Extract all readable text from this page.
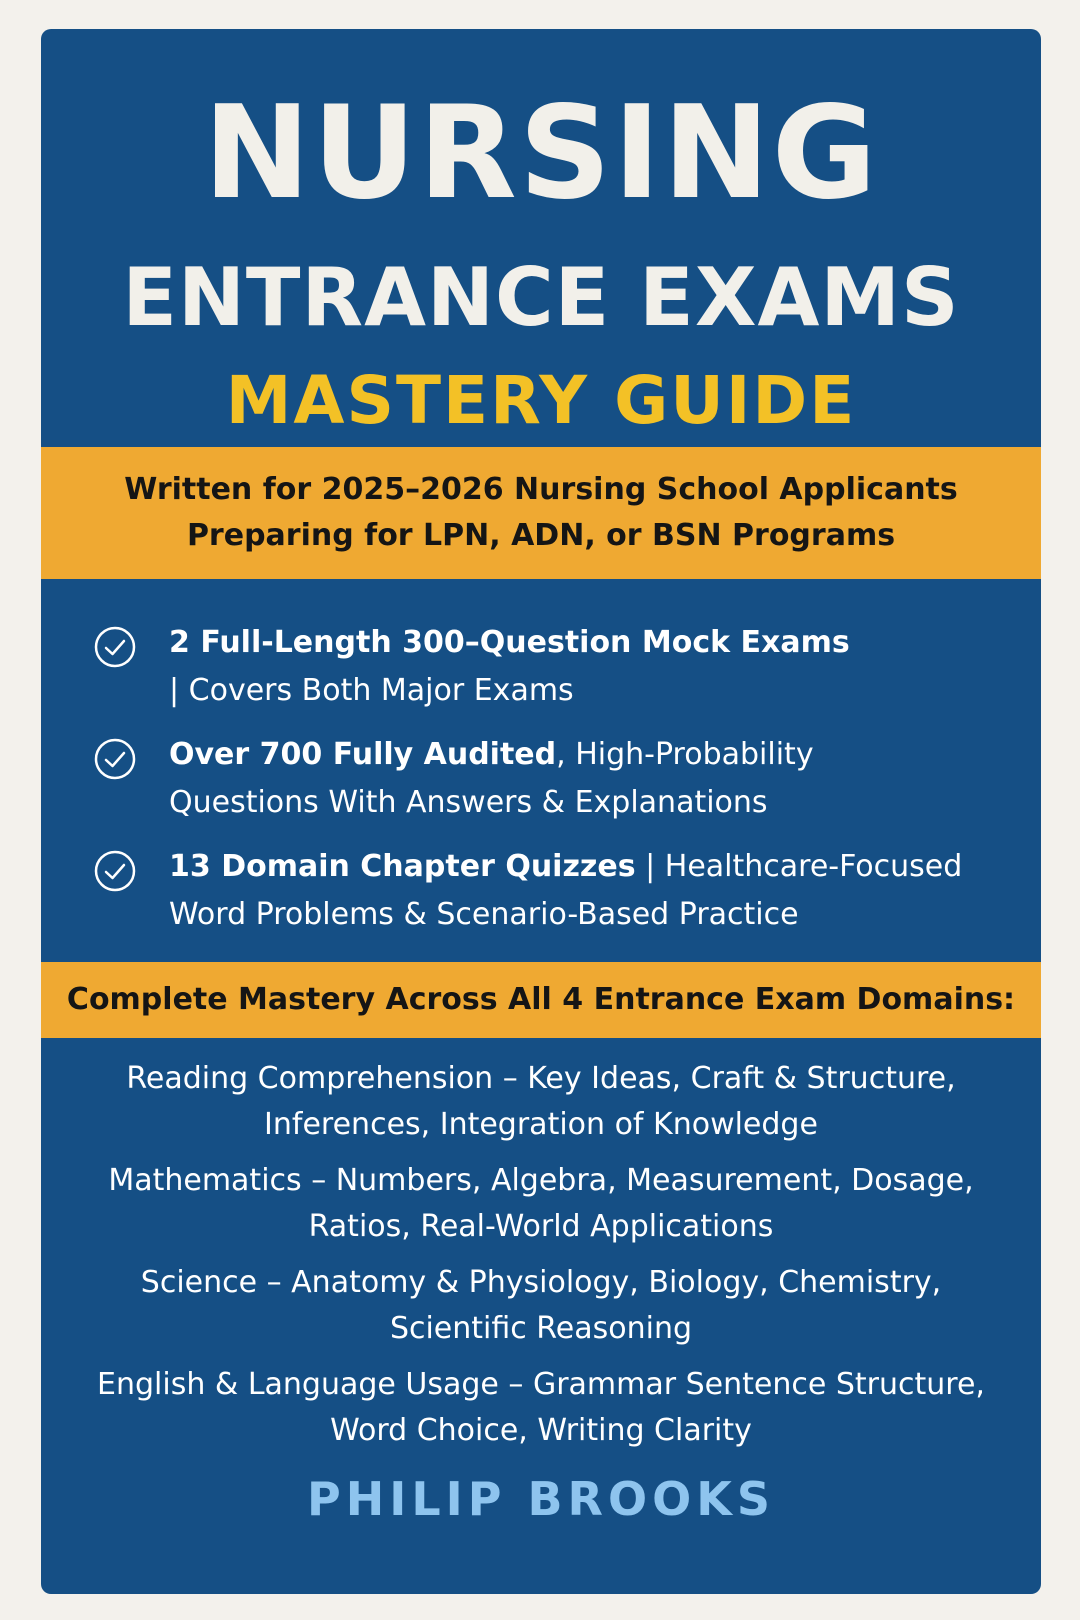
NURSING
ENTRANCE EXAMS
MASTERY GUIDE
Written for 2025–2026 Nursing School Applicants
Preparing for LPN, ADN, or BSN Programs
2 Full-Length 300–Question Mock Exams
| Covers Both Major Exams
Over 700 Fully Audited, High-Probability
Questions With Answers & Explanations
13 Domain Chapter Quizzes | Healthcare-Focused
Word Problems & Scenario-Based Practice
Complete Mastery Across All 4 Entrance Exam Domains:
Reading Comprehension – Key Ideas, Craft & Structure,
Inferences, Integration of Knowledge
Mathematics – Numbers, Algebra, Measurement, Dosage,
Ratios, Real-World Applications
Science – Anatomy & Physiology, Biology, Chemistry,
Scientific Reasoning
English & Language Usage – Grammar Sentence Structure,
Word Choice, Writing Clarity
PHILIP BROOKS
